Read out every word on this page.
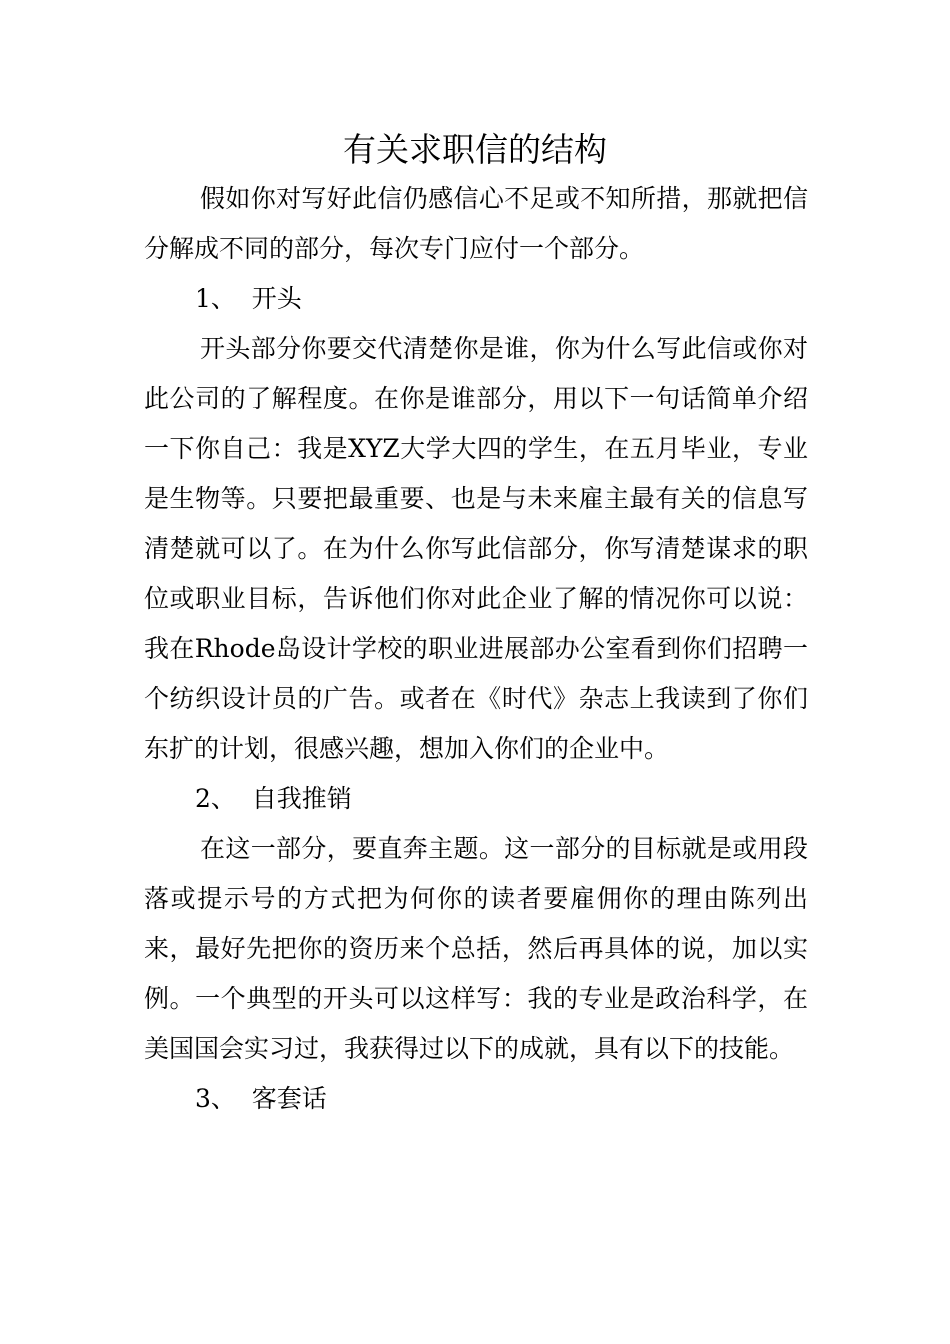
有关求职信的结构

假如你对写好此信仍感信心不足或不知所措，那就把信分解成不同的部分，每次专门应付一个部分。

1、  开头

开头部分你要交代清楚你是谁，你为什么写此信或你对此公司的了解程度。在你是谁部分，用以下一句话简单介绍一下你自己：我是XYZ大学大四的学生，在五月毕业，专业是生物等。只要把最重要、也是与未来雇主最有关的信息写清楚就可以了。在为什么你写此信部分，你写清楚谋求的职位或职业目标，告诉他们你对此企业了解的情况你可以说：我在Rhode岛设计学校的职业进展部办公室看到你们招聘一个纺织设计员的广告。或者在《时代》杂志上我读到了你们东扩的计划，很感兴趣，想加入你们的企业中。

2、  自我推销

在这一部分，要直奔主题。这一部分的目标就是或用段落或提示号的方式把为何你的读者要雇佣你的理由陈列出来，最好先把你的资历来个总括，然后再具体的说，加以实例。一个典型的开头可以这样写：我的专业是政治科学，在美国国会实习过，我获得过以下的成就，具有以下的技能。

3、  客套话
